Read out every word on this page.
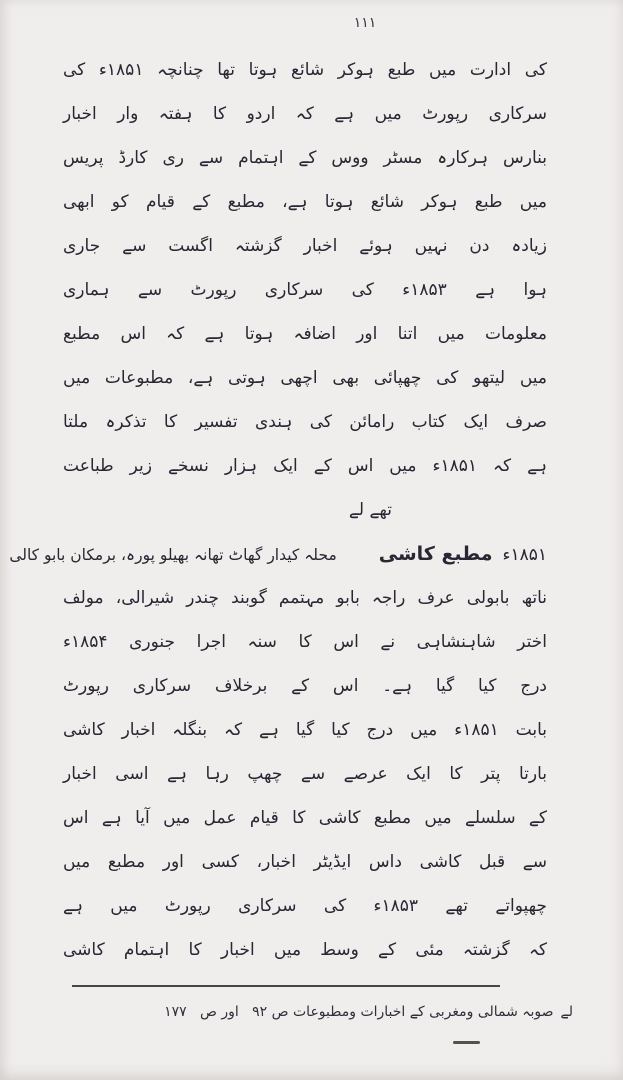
۱۱۱
کی ادارت میں طبع ہوکر شائع ہوتا تھا چنانچہ ۱۸۵۱ء کی
سرکاری رپورٹ میں ہے کہ اردو کا ہفتہ وار اخبار
بنارس ہرکارہ مسٹر ووس کے اہتمام سے ری کارڈ پریس
میں طبع ہوکر شائع ہوتا ہے، مطبع کے قیام کو ابھی
زیادہ دن نہیں ہوئے اخبار گزشتہ اگست سے جاری
ہوا ہے ۱۸۵۳ء کی سرکاری رپورٹ سے ہماری
معلومات میں اتنا اور اضافہ ہوتا ہے کہ اس مطبع
میں لیتھو کی چھپائی بھی اچھی ہوتی ہے، مطبوعات میں
صرف ایک کتاب رامائن کی ہندی تفسیر کا تذکرہ ملتا
ہے کہ ۱۸۵۱ء میں اس کے ایک ہزار نسخے زیر طباعت
تھے لے
۱۸۵۱ء
مطبع کاشی
محلہ کیدار گھاٹ تھانہ بھیلو پورہ، برمکان بابو کالی
ناتھ بابولی عرف راجہ بابو مہتمم گوبند چندر شیرالی، مولف
اختر شاہنشاہی نے اس کا سنہ اجرا جنوری ۱۸۵۴ء
درج کیا گیا ہے۔ اس کے برخلاف سرکاری رپورٹ
بابت ۱۸۵۱ء میں درج کیا گیا ہے کہ بنگلہ اخبار کاشی
بارتا پتر کا ایک عرصے سے چھپ رہا ہے اسی اخبار
کے سلسلے میں مطبع کاشی کا قیام عمل میں آیا ہے اس
سے قبل کاشی داس ایڈیٹر اخبار، کسی اور مطبع میں
چھپواتے تھے ۱۸۵۳ء کی سرکاری رپورٹ میں ہے
کہ گزشتہ مئی کے وسط میں اخبار کا اہتمام کاشی
لےصوبہ شمالی ومغربی کے اخبارات ومطبوعات ص ۹۲   اور ص   ۱۷۷
